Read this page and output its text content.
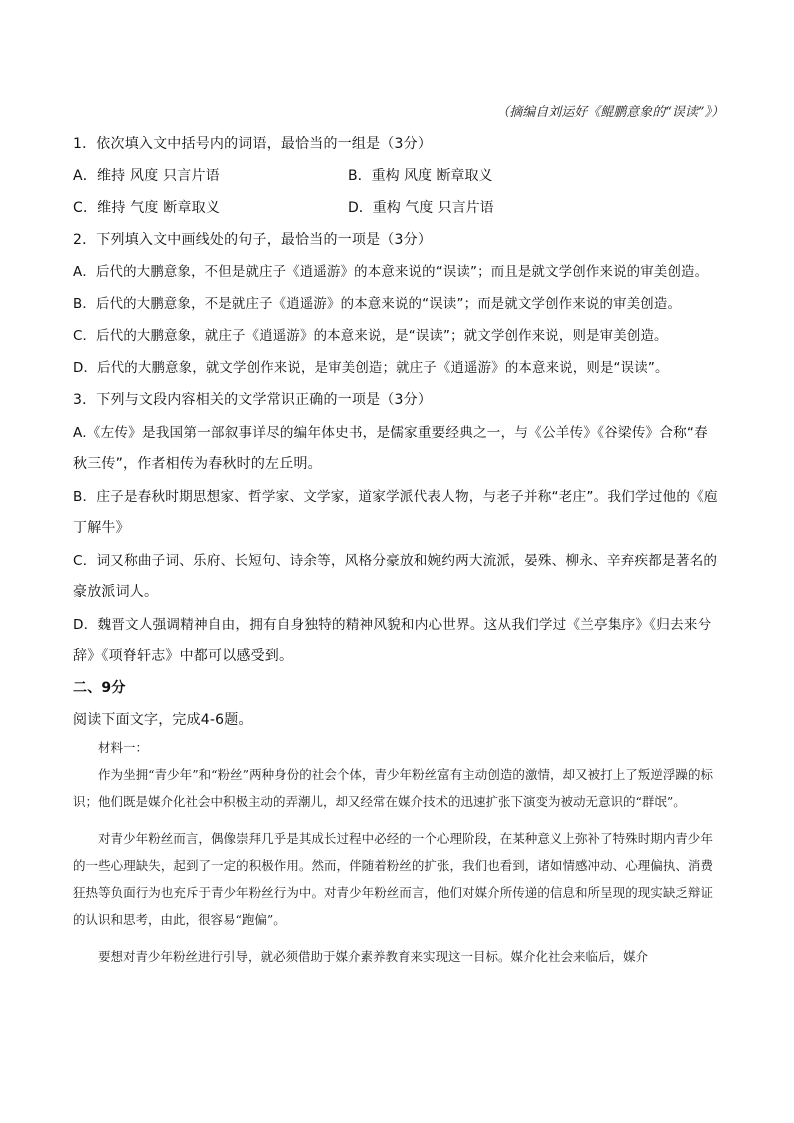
（摘编自刘运好《鲲鹏意象的“误读”》）
1．依次填入文中括号内的词语，最恰当的一组是（3分）
A．维持 风度 只言片语	B．重构 风度 断章取义
C．维持 气度 断章取义	D．重构 气度 只言片语
2．下列填入文中画线处的句子，最恰当的一项是（3分）
A．后代的大鹏意象，不但是就庄子《逍遥游》的本意来说的“误读”；而且是就文学创作来说的审美创造。
B．后代的大鹏意象，不是就庄子《逍遥游》的本意来说的“误读”；而是就文学创作来说的审美创造。
C．后代的大鹏意象，就庄子《逍遥游》的本意来说，是“误读”；就文学创作来说，则是审美创造。
D．后代的大鹏意象，就文学创作来说，是审美创造；就庄子《逍遥游》的本意来说，则是“误读”。
3．下列与文段内容相关的文学常识正确的一项是（3分）
A.《左传》是我国第一部叙事详尽的编年体史书，是儒家重要经典之一，与《公羊传》《谷梁传》合称“春
秋三传”，作者相传为春秋时的左丘明。
B．庄子是春秋时期思想家、哲学家、文学家，道家学派代表人物，与老子并称“老庄”。我们学过他的《庖
丁解牛》
C．词又称曲子词、乐府、长短句、诗余等，风格分豪放和婉约两大流派，晏殊、柳永、辛弃疾都是著名的
豪放派词人。
D．魏晋文人强调精神自由，拥有自身独特的精神风貌和内心世界。这从我们学过《兰亭集序》《归去来兮
辞》《项脊轩志》中都可以感受到。
二、9分
阅读下面文字，完成4-6题。

材料一：

作为坐拥“青少年”和“粉丝”两种身份的社会个体，青少年粉丝富有主动创造的激情，却又被打上了叛逆浮躁的标识；他们既是媒介化社会中积极主动的弄潮儿，却又经常在媒介技术的迅速扩张下演变为被动无意识的“群氓”。

对青少年粉丝而言，偶像崇拜几乎是其成长过程中必经的一个心理阶段，在某种意义上弥补了特殊时期内青少年的一些心理缺失，起到了一定的积极作用。然而，伴随着粉丝的扩张，我们也看到，诸如情感冲动、心理偏执、消费狂热等负面行为也充斥于青少年粉丝行为中。对青少年粉丝而言，他们对媒介所传递的信息和所呈现的现实缺乏辩证的认识和思考，由此，很容易“跑偏”。

要想对青少年粉丝进行引导，就必须借助于媒介素养教育来实现这一目标。媒介化社会来临后，媒介
